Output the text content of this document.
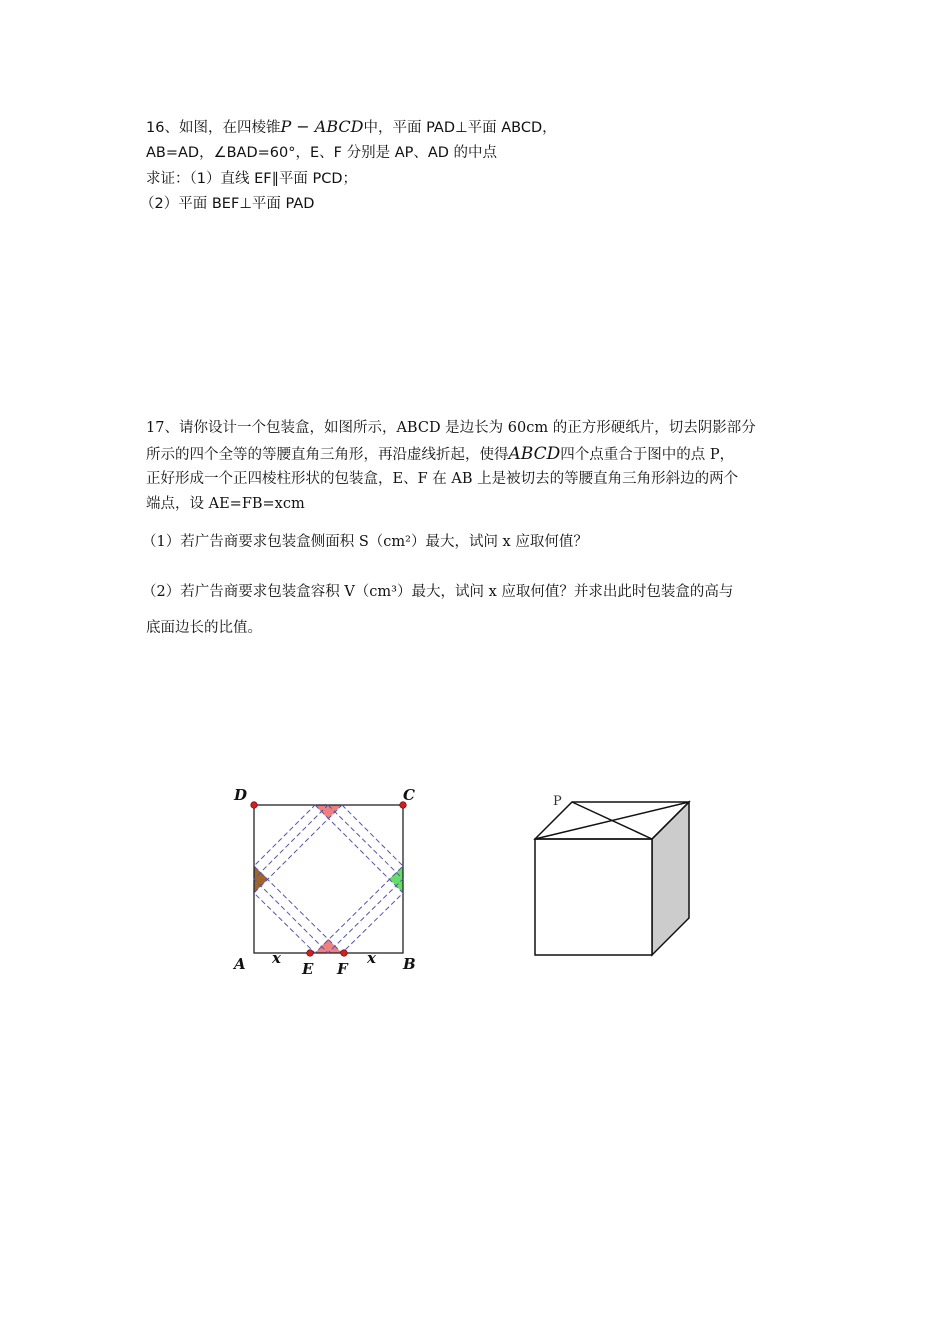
16、如图，在四棱锥P − ABCD中，平面 PAD⊥平面 ABCD，
AB=AD，∠BAD=60°，E、F 分别是 AP、AD 的中点
求证：（1）直线 EF∥平面 PCD；
（2）平面 BEF⊥平面 PAD
17、请你设计一个包装盒，如图所示，ABCD 是边长为 60cm 的正方形硬纸片，切去阴影部分
所示的四个全等的等腰直角三角形，再沿虚线折起，使得ABCD四个点重合于图中的点 P，
正好形成一个正四棱柱形状的包装盒，E、F 在 AB 上是被切去的等腰直角三角形斜边的两个
端点，设 AE=FB=xcm
（1）若广告商要求包装盒侧面积 S（cm²）最大，试问 x 应取何值？
（2）若广告商要求包装盒容积 V（cm³）最大，试问 x 应取何值？并求出此时包装盒的高与
底面边长的比值。
D	C
A	B
E F
x	x
P
